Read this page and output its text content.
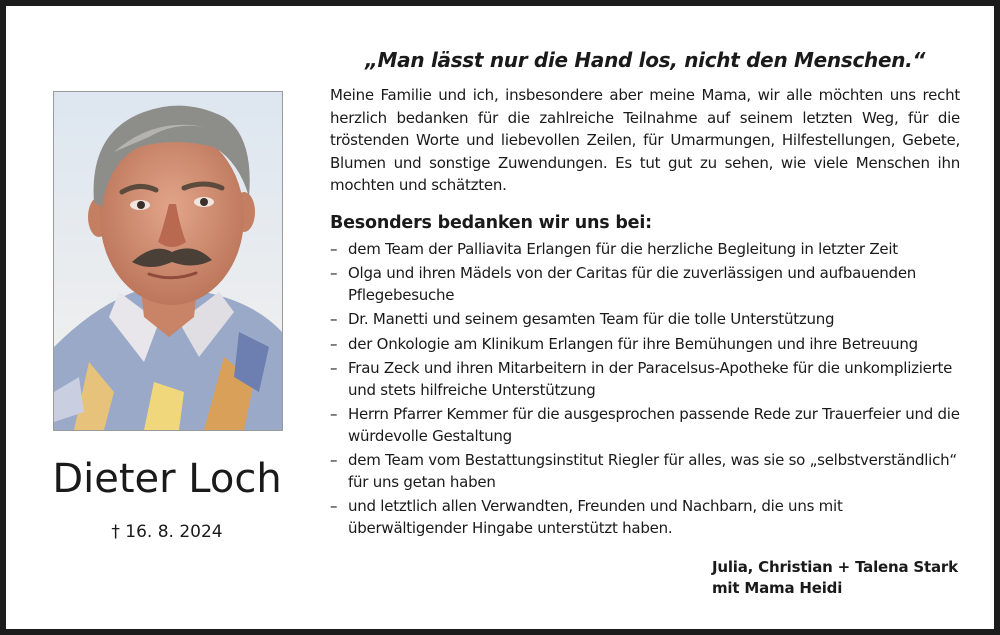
Dieter Loch
† 16. 8. 2024
„Man lässt nur die Hand los, nicht den Menschen.“

Meine Familie und ich, insbesondere aber meine Mama, wir alle möchten uns recht herzlich bedanken für die zahlreiche Teilnahme auf seinem letzten Weg, für die tröstenden Worte und liebevollen Zeilen, für Umarmungen, Hilfestellungen, Gebete, Blumen und sonstige Zuwendungen. Es tut gut zu sehen, wie viele Menschen ihn mochten und schätzten.

Besonders bedanken wir uns bei:
– dem Team der Palliavita Erlangen für die herzliche Begleitung in letzter Zeit
– Olga und ihren Mädels von der Caritas für die zuverlässigen und aufbauenden Pflegebesuche
– Dr. Manetti und seinem gesamten Team für die tolle Unterstützung
– der Onkologie am Klinikum Erlangen für ihre Bemühungen und ihre Betreuung
– Frau Zeck und ihren Mitarbeitern in der Paracelsus-Apotheke für die unkomplizierte und stets hilfreiche Unterstützung
– Herrn Pfarrer Kemmer für die ausgesprochen passende Rede zur Trauerfeier und die würdevolle Gestaltung
– dem Team vom Bestattungsinstitut Riegler für alles, was sie so „selbstverständlich“ für uns getan haben
– und letztlich allen Verwandten, Freunden und Nachbarn, die uns mit überwältigender Hingabe unterstützt haben.
Julia, Christian + Talena Stark
mit Mama Heidi
